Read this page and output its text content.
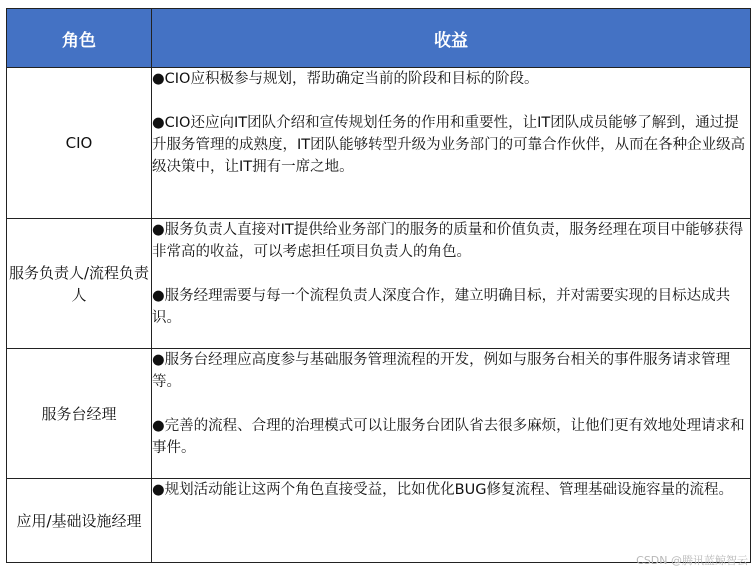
角色	收益
CIO	●CIO应积极参与规划，帮助确定当前的阶段和目标的阶段。

●CIO还应向IT团队介绍和宣传规划任务的作用和重要性，让IT团队成员能够了解到，通过提升服务管理的成熟度，IT团队能够转型升级为业务部门的可靠合作伙伴，从而在各种企业级高级决策中，让IT拥有一席之地。

服务负责人/流程负责人	●服务负责人直接对IT提供给业务部门的服务的质量和价值负责，服务经理在项目中能够获得非常高的收益，可以考虑担任项目负责人的角色。

●服务经理需要与每一个流程负责人深度合作，建立明确目标，并对需要实现的目标达成共识。

服务台经理	●服务台经理应高度参与基础服务管理流程的开发，例如与服务台相关的事件服务请求管理等。

●完善的流程、合理的治理模式可以让服务台团队省去很多麻烦，让他们更有效地处理请求和事件。

应用/基础设施经理	●规划活动能让这两个角色直接受益，比如优化BUG修复流程、管理基础设施容量的流程。

CSDN @腾讯蓝鲸智云
